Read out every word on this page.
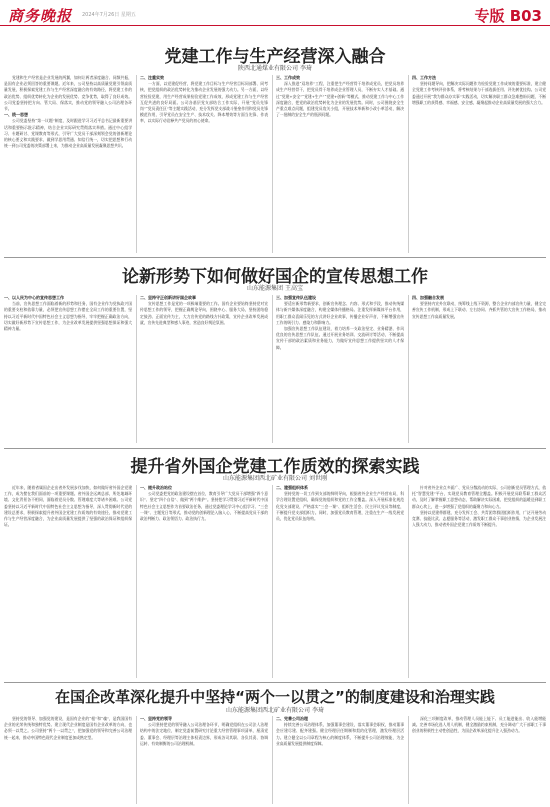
商务晚报 2024年7月26日 星期五	专版 B03
党建工作与生产经营深入融合
陕西北通煤业有限公司 李琦

党建和生产经营是企业发展的两翼，如何让两者深度融合、同频共振，是国有企业必须回答的重要课题。近年来，公司坚持以高质量党建引领高质量发展，积极探索党建工作与生产经营深度融合的有效路径，将党建工作的政治优势、组织优势转化为企业的发展优势、竞争优势，取得了良好成效。公司党委坚持把方向、管大局、保落实，推动党的领导融入公司治理各环节。

一、统一思想

公司党委坚持“第一议题”制度，及时跟进学习习近平总书记最新重要讲话和重要指示批示精神，结合企业实际研究贯彻落实举措。通过中心组学习、专题研讨、党课教育等形式，引导广大党员干部深刻领会党的创新理论的核心要义和实践要求，做到学思用贯通、知信行统一，切实把思想和行动统一到公司党委的决策部署上来，为推动企业高质量发展凝聚思想共识。

二、注重实效

一方面，以党建促经营，将党建工作目标与生产经营目标同部署、同考核，把党组织的政治优势转化为推动企业发展的强大动力。另一方面，以经营检验党建，用生产经营成果检验党建工作成效，形成党建工作与生产经营互促共进的良好局面。公司各基层党支部结合工作实际，开展“党员先锋岗”“党员责任区”等主题实践活动，充分发挥党支部战斗堡垒作用和党员先锋模范作用，引导党员在安全生产、技术攻关、降本增效等方面当先锋、作表率，以实际行动诠释共产党员的初心使命。

三、工作成效

深入推进“双培养”工程，注重把生产经营骨干培养成党员，把党员培养成生产经营骨干，把党员骨干培养成企业管理人员，不断夯实人才基础。通过“党建+安全”“党建+生产”“党建+创新”等模式，推动党建工作与中心工作深度融合，把党的政治优势转化为企业的发展优势。同时，公司围绕安全生产重点难点问题，组建党员攻关小组，开展技术革新和小改小革活动，解决了一批制约安全生产的瓶颈问题。

四、工作方法

坚持问题导向，把解决实际问题作为检验党建工作成效的重要标准，建立健全党建工作考核评价体系，将考核结果与干部选拔任用、评先树优挂钩。公司党委通过开展“我为群众办实事”实践活动，切实解决职工群众急难愁盼问题，不断增强职工的获得感、幸福感、安全感，凝聚起推动企业高质量发展的强大合力。

论新形势下如何做好国企的宣传思想工作
山东能源集团 王高宝
一、以人民为中心的宣传思想工作

当前，宣传思想工作面临着新的形势和任务，国有企业作为党执政兴国的重要支柱和依靠力量，必须把宣传思想工作摆在全局工作的重要位置，坚持以习近平新时代中国特色社会主义思想为指导，牢牢把握正确政治方向，切实做好新形势下宣传思想工作，为企业改革发展提供坚强思想保证和强大精神力量。

二、坚持守正创新讲好国企故事

宣传思想工作是党的一项极端重要的工作。国有企业要始终坚持党对宣传思想工作的领导，把握正确舆论导向，围绕中心、服务大局，坚持团结稳定鼓劲、正面宣传为主，大力宣传党的路线方针政策，宣传企业改革发展成就，宣传先进典型和感人事迹，营造良好舆论氛围。

三、加强宣传队伍建设

要适应新形势新要求，创新宣传理念、内容、形式和手段，推动传统媒体与新兴媒体深度融合，构建全媒体传播格局。注重发挥新媒体平台作用，用职工群众喜闻乐见的方式讲好企业故事，传播企业好声音，不断增强宣传工作的吸引力、感染力和影响力。

加强宣传思想工作队伍建设，着力培养一支政治坚定、业务精湛、作风优良的宣传思想工作队伍。通过开展业务培训、交流研讨等活动，不断提高宣传干部的政治素质和业务能力，为做好宣传思想工作提供坚实的人才保障。

四、加强融合发展

要坚持内宣外宣联动，统筹线上线下资源，整合企业内部宣传力量，健全完善宣传工作机制，形成上下联动、左右协同、齐抓共管的大宣传工作格局，推动宣传思想工作高质量发展。

提升省外国企党建工作质效的探索实践
山东能源集团西北矿业有限公司 刘世刚

近年来，随着省属国企走出省外发展步伐加快，如何做好省外国企党建工作，成为摆在我们面前的一项重要课题。省外国企远离总部，所处地域环境、文化背景各不相同，面临着党员分散、管理难度大等诸多困难。公司党委坚持以习近平新时代中国特色社会主义思想为指导，深入贯彻新时代党的建设总要求，积极探索提升省外国企党建工作质效的有效途径，推动党建工作与生产经营深度融合，为企业高质量发展提供了坚强的政治保证和组织保证。

一、提升政治站位

公司党委把党的政治建设摆在首位，教育引导广大党员干部增强“四个意识”、坚定“四个自信”、做到“两个维护”。坚持把学习贯彻习近平新时代中国特色社会主义思想作为首要政治任务，通过党委理论学习中心组学习、“三会一课”、主题党日等形式，推动党的创新理论入脑入心，不断提高党员干部的政治判断力、政治领悟力、政治执行力。

二、建强组织体系

坚持党的一切工作到支部的鲜明导向，根据省外企业生产经营布局，科学合理设置党组织，确保党的组织和党的工作全覆盖。深入开展标准化规范化党支部建设，严格落实“三会一课”、组织生活会、民主评议党员等制度，不断提升党支部组织力。同时，加强党员教育管理，注重在生产一线发展党员，优化党员队伍结构。

针对省外企业点多面广、党员分散流动的实际，公司创新党员管理方式，依托“智慧党建”平台，实现党员教育管理全覆盖。积极开展党员联系职工群众活动，及时了解掌握职工思想动态，帮助解决实际困难，把党组织的温暖送到职工群众心坎上，进一步增强了党组织的凝聚力和向心力。

坚持以党建带群建，充分发挥工会、共青团等群团组织作用，广泛开展劳动竞赛、技能比武、志愿服务等活动，激发职工群众干事创业热情，为企业发展注入强大动力，推动省外国企党建工作质效不断提升。

在国企改革深化提升中坚持“两个一以贯之”的制度建设和治理实践
山东能源集团西北矿业有限公司 李琦

坚持党的领导、加强党的建设，是国有企业的“根”和“魂”，是我国国有企业的光荣传统和独特优势。建立现代企业制度是国有企业改革的方向，也必须一以贯之。公司坚持“两个一以贯之”，把加强党的领导和完善公司治理统一起来，推动中国特色现代企业制度更加成熟定型。

一、坚持党的领导

公司坚持把党的领导融入公司治理各环节，明确党组织在公司法人治理结构中的法定地位，制定党委前置研究讨论重大经营管理事项清单，厘清党委、董事会、经理层等治理主体权责边界，形成各司其职、各负其责、协调运转、有效制衡的公司治理机制。

二、完善公司治理

持续完善公司治理体系，加强董事会建设，落实董事会职权，推动董事会应建尽建、配齐建强。健全经理层任期制和契约化管理，激发经理层活力。建立健全以公司章程为核心的制度体系，不断提升公司治理效能，为企业高质量发展提供制度保障。

深化三项制度改革，推动管理人员能上能下、员工能进能出、收入能增能减。完善市场化选人用人机制，健全激励约束机制，充分调动广大干部职工干事创业的积极性主动性创造性，为国企改革深化提升注入强劲动力。
